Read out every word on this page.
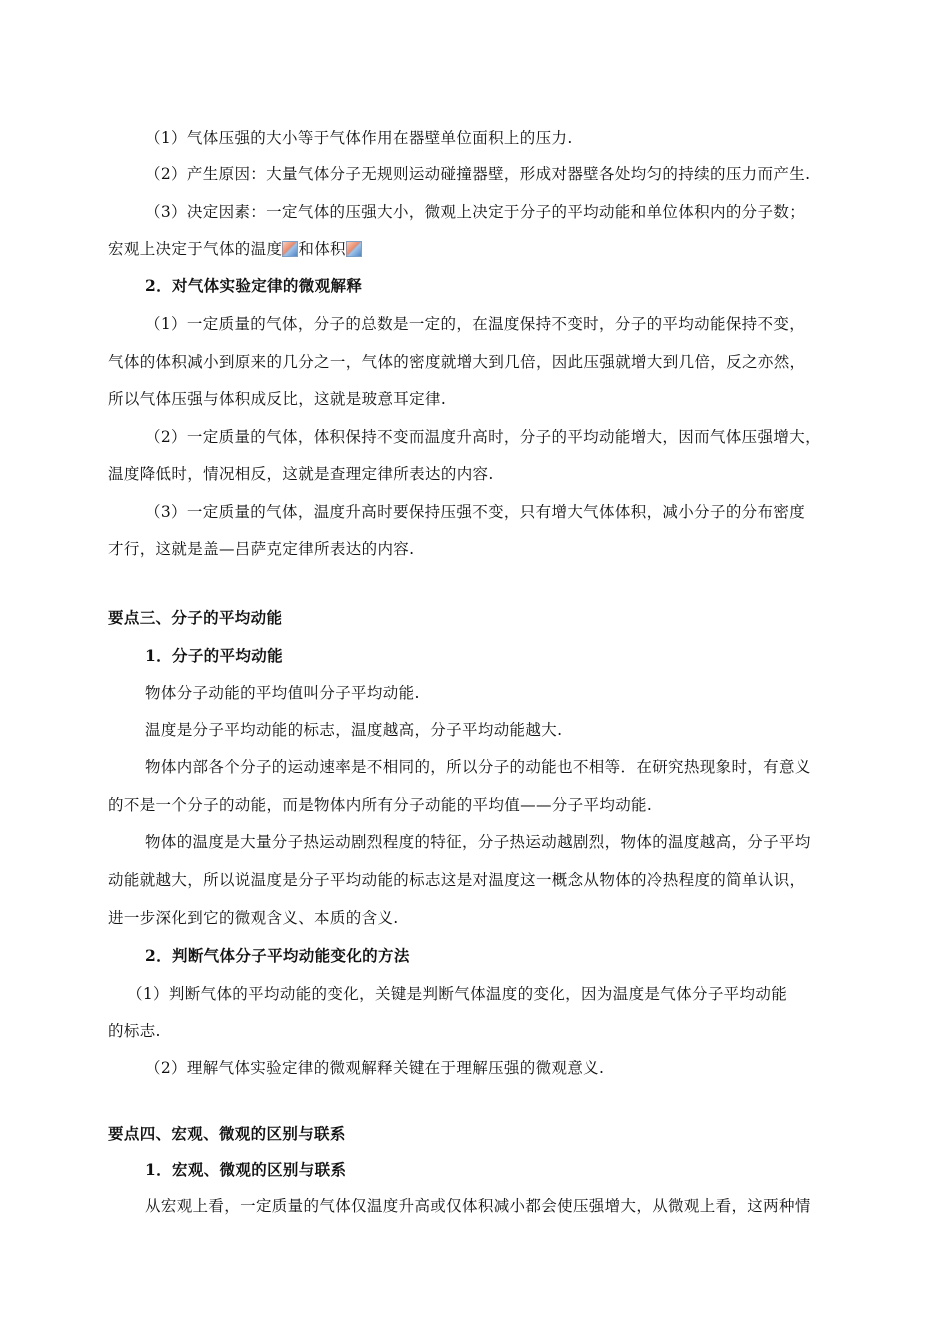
（1）气体压强的大小等于气体作用在器壁单位面积上的压力.
（2）产生原因：大量气体分子无规则运动碰撞器壁，形成对器壁各处均匀的持续的压力而产生.
（3）决定因素：一定气体的压强大小，微观上决定于分子的平均动能和单位体积内的分子数；
宏观上决定于气体的温度 和体积
2．对气体实验定律的微观解释
（1）一定质量的气体，分子的总数是一定的，在温度保持不变时，分子的平均动能保持不变，
气体的体积减小到原来的几分之一，气体的密度就增大到几倍，因此压强就增大到几倍，反之亦然，
所以气体压强与体积成反比，这就是玻意耳定律.
（2）一定质量的气体，体积保持不变而温度升高时，分子的平均动能增大，因而气体压强增大，
温度降低时，情况相反，这就是查理定律所表达的内容.
（3）一定质量的气体，温度升高时要保持压强不变，只有增大气体体积，减小分子的分布密度
才行，这就是盖—吕萨克定律所表达的内容.
要点三、分子的平均动能
1．分子的平均动能
物体分子动能的平均值叫分子平均动能.
温度是分子平均动能的标志，温度越高，分子平均动能越大.
物体内部各个分子的运动速率是不相同的，所以分子的动能也不相等．在研究热现象时，有意义
的不是一个分子的动能，而是物体内所有分子动能的平均值——分子平均动能.
物体的温度是大量分子热运动剧烈程度的特征，分子热运动越剧烈，物体的温度越高，分子平均
动能就越大，所以说温度是分子平均动能的标志这是对温度这一概念从物体的冷热程度的简单认识，
进一步深化到它的微观含义、本质的含义.
2．判断气体分子平均动能变化的方法
（1）判断气体的平均动能的变化，关键是判断气体温度的变化，因为温度是气体分子平均动能
的标志.
（2）理解气体实验定律的微观解释关键在于理解压强的微观意义.
要点四、宏观、微观的区别与联系
1．宏观、微观的区别与联系
从宏观上看，一定质量的气体仅温度升高或仅体积减小都会使压强增大，从微观上看，这两种情
